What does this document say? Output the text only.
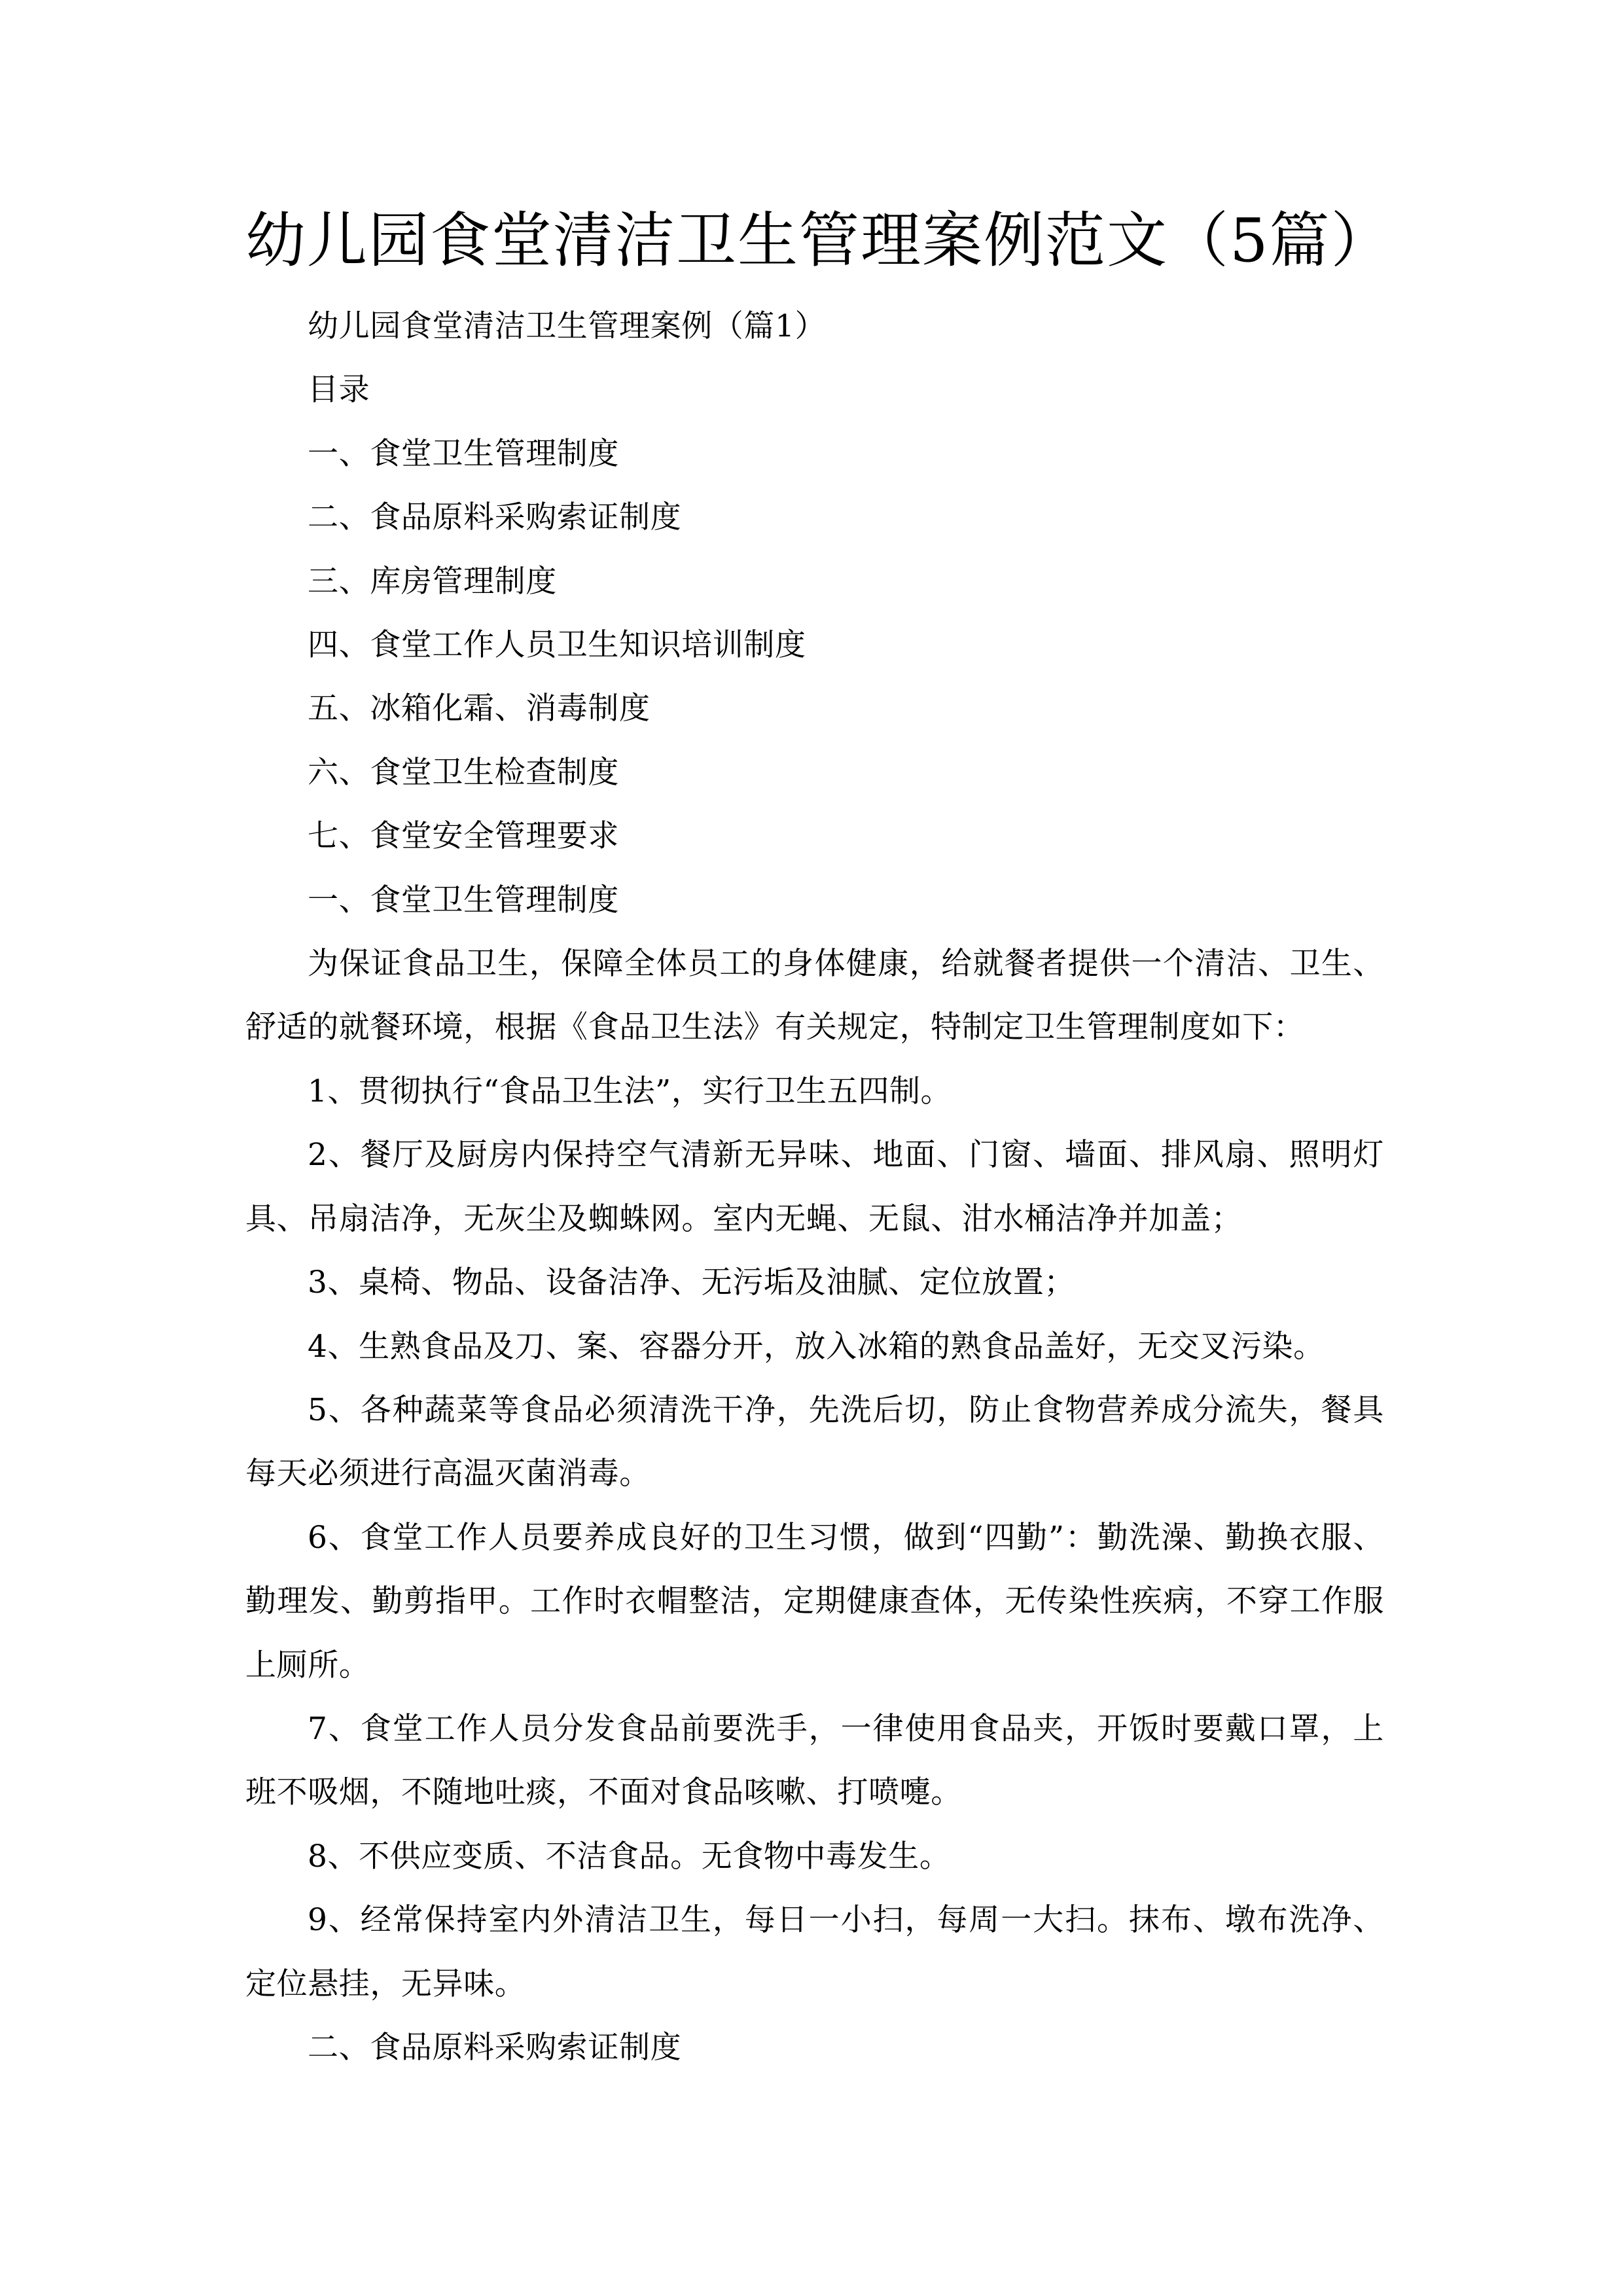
幼儿园食堂清洁卫生管理案例范文（5篇）

幼儿园食堂清洁卫生管理案例（篇1）

目录

一、食堂卫生管理制度

二、食品原料采购索证制度

三、库房管理制度

四、食堂工作人员卫生知识培训制度

五、冰箱化霜、消毒制度

六、食堂卫生检查制度

七、食堂安全管理要求

一、食堂卫生管理制度

为保证食品卫生，保障全体员工的身体健康，给就餐者提供一个清洁、卫生、舒适的就餐环境，根据《食品卫生法》有关规定，特制定卫生管理制度如下：

1、贯彻执行“食品卫生法”，实行卫生五四制。

2、餐厅及厨房内保持空气清新无异味、地面、门窗、墙面、排风扇、照明灯具、吊扇洁净，无灰尘及蜘蛛网。室内无蝇、无鼠、泔水桶洁净并加盖；

3、桌椅、物品、设备洁净、无污垢及油腻、定位放置；

4、生熟食品及刀、案、容器分开，放入冰箱的熟食品盖好，无交叉污染。

5、各种蔬菜等食品必须清洗干净，先洗后切，防止食物营养成分流失，餐具每天必须进行高温灭菌消毒。

6、食堂工作人员要养成良好的卫生习惯，做到“四勤”：勤洗澡、勤换衣服、勤理发、勤剪指甲。工作时衣帽整洁，定期健康查体，无传染性疾病，不穿工作服上厕所。

7、食堂工作人员分发食品前要洗手，一律使用食品夹，开饭时要戴口罩，上班不吸烟，不随地吐痰，不面对食品咳嗽、打喷嚏。

8、不供应变质、不洁食品。无食物中毒发生。

9、经常保持室内外清洁卫生，每日一小扫，每周一大扫。抹布、墩布洗净、定位悬挂，无异味。

二、食品原料采购索证制度
